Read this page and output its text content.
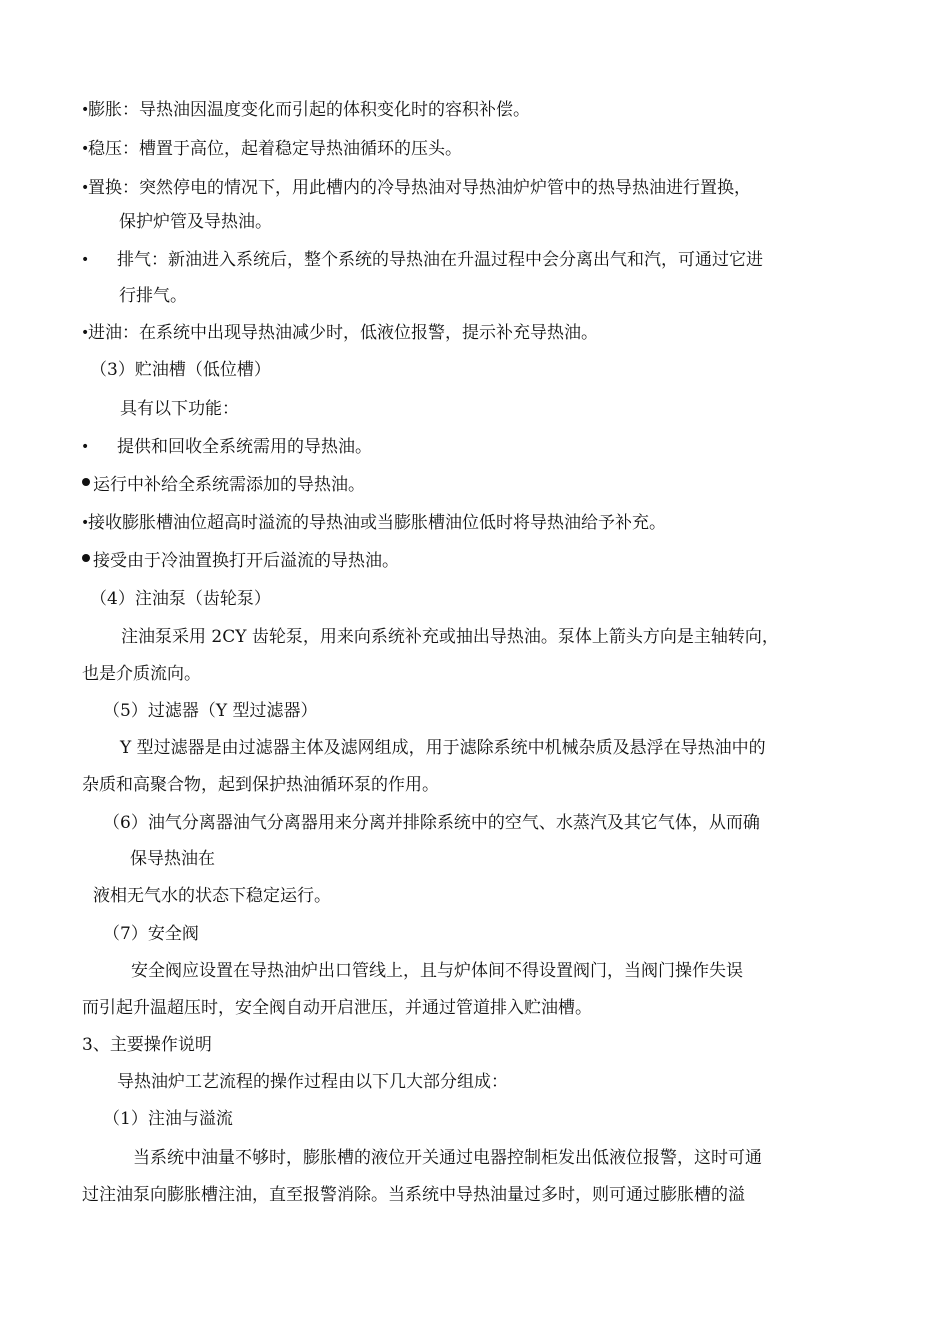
•
膨胀：导热油因温度变化而引起的体积变化时的容积补偿。
•
稳压：槽置于高位，起着稳定导热油循环的压头。
•
置换：突然停电的情况下，用此槽内的冷导热油对导热油炉炉管中的热导热油进行置换，
保护炉管及导热油。
• 排气：新油进入系统后，整个系统的导热油在升温过程中会分离出气和汽，可通过它进
行排气。
•
进油：在系统中出现导热油减少时，低液位报警，提示补充导热油。
（3）贮油槽（低位槽）
具有以下功能：
• 提供和回收全系统需用的导热油。
运行中补给全系统需添加的导热油。
•
接收膨胀槽油位超高时溢流的导热油或当膨胀槽油位低时将导热油给予补充。
接受由于冷油置换打开后溢流的导热油。
（4）注油泵（齿轮泵）
注油泵采用 2CY 齿轮泵，用来向系统补充或抽出导热油。泵体上箭头方向是主轴转向，
也是介质流向。
（5）过滤器（Y 型过滤器）
Y 型过滤器是由过滤器主体及滤网组成，用于滤除系统中机械杂质及悬浮在导热油中的
杂质和高聚合物，起到保护热油循环泵的作用。
（6）油气分离器油气分离器用来分离并排除系统中的空气、水蒸汽及其它气体，从而确
保导热油在
液相无气水的状态下稳定运行。
（7）安全阀
安全阀应设置在导热油炉出口管线上，且与炉体间不得设置阀门，当阀门操作失误
而引起升温超压时，安全阀自动开启泄压，并通过管道排入贮油槽。
3、主要操作说明
导热油炉工艺流程的操作过程由以下几大部分组成：
（1）注油与溢流
当系统中油量不够时，膨胀槽的液位开关通过电器控制柜发出低液位报警，这时可通
过注油泵向膨胀槽注油，直至报警消除。当系统中导热油量过多时，则可通过膨胀槽的溢
